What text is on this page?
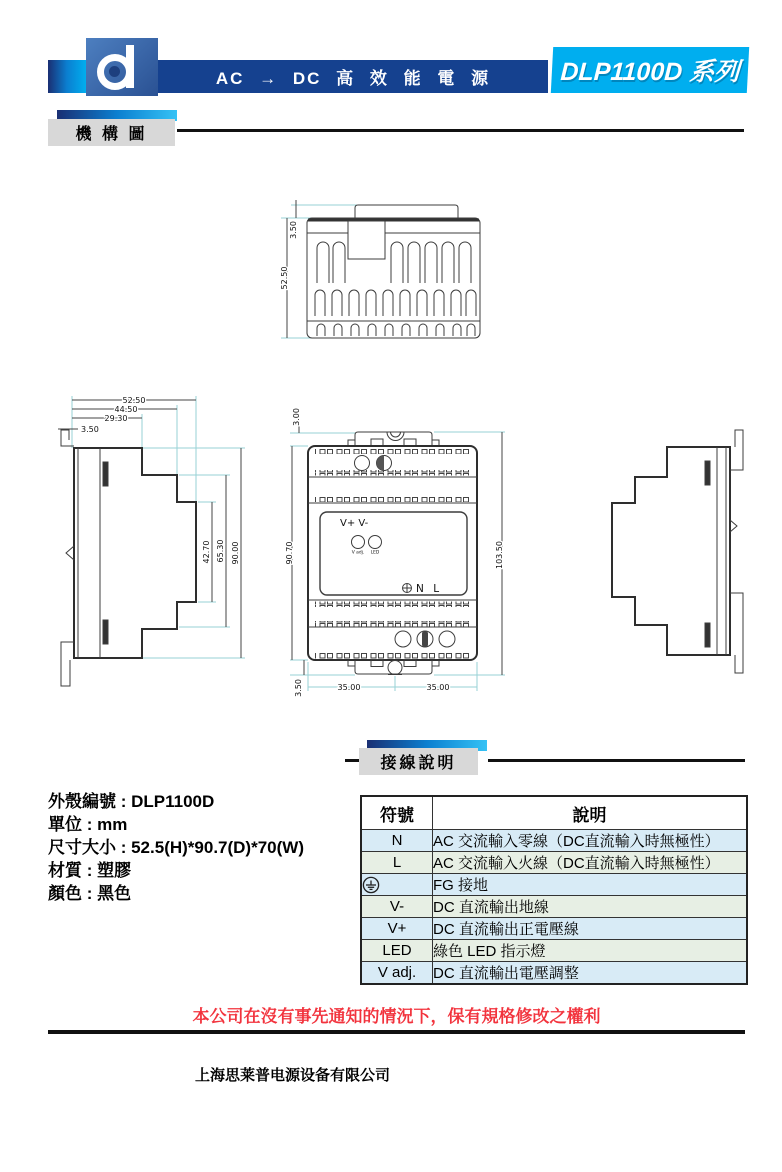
AC → DC 高 效 能 電 源	DLP1100D 系列
機 構 圖
3.50
52.50
52.50
44.50
29.30
3.50
42.70 65.30 90.00
V+ V-
V adj. LED
N L
3.00
90.70	103.50
3.50	35.00	35.00
接線說明
外殼編號 : DLP1100D
單位 : mm
尺寸大小 : 52.5(H)*90.7(D)*70(W)
材質 : 塑膠
顏色 : 黑色
符號	說明
N	AC 交流輸入零線（DC直流輸入時無極性）
L	AC 交流輸入火線（DC直流輸入時無極性）

	FG 接地
V-	DC 直流輸出地線
V+	DC 直流輸出正電壓線
LED	綠色 LED 指示燈
V adj.	DC 直流輸出電壓調整
本公司在沒有事先通知的情況下，保有規格修改之權利
上海思莱普电源设备有限公司
